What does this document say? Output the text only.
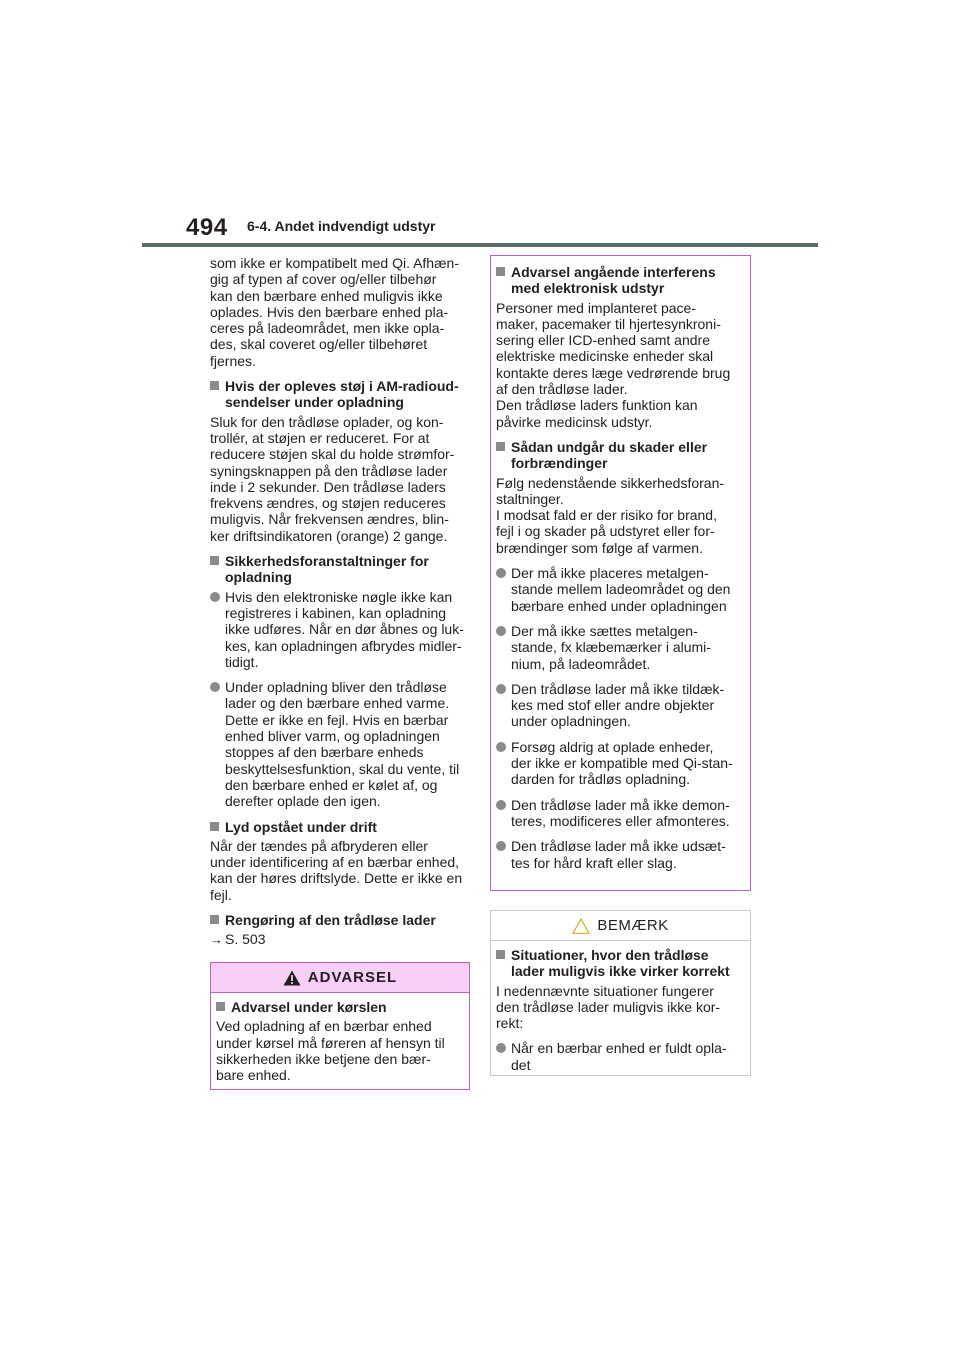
494 6-4. Andet indvendigt udstyr

som ikke er kompatibelt med Qi. Afhæn-
gig af typen af cover og/eller tilbehør
kan den bærbare enhed muligvis ikke
oplades. Hvis den bærbare enhed pla-
ceres på ladeområdet, men ikke opla-
des, skal coveret og/eller tilbehøret
fjernes.

Hvis der opleves støj i AM-radioud-
sendelser under opladning

Sluk for den trådløse oplader, og kon-
trollér, at støjen er reduceret. For at
reducere støjen skal du holde strømfor-
syningsknappen på den trådløse lader
inde i 2 sekunder. Den trådløse laders
frekvens ændres, og støjen reduceres
muligvis. Når frekvensen ændres, blin-
ker driftsindikatoren (orange) 2 gange.

Sikkerhedsforanstaltninger for
opladning
Hvis den elektroniske nøgle ikke kan
registreres i kabinen, kan opladning
ikke udføres. Når en dør åbnes og luk-
kes, kan opladningen afbrydes midler-
tidigt.
Under opladning bliver den trådløse
lader og den bærbare enhed varme.
Dette er ikke en fejl. Hvis en bærbar
enhed bliver varm, og opladningen
stoppes af den bærbare enheds
beskyttelsesfunktion, skal du vente, til
den bærbare enhed er kølet af, og
derefter oplade den igen.
Lyd opstået under drift

Når der tændes på afbryderen eller
under identificering af en bærbar enhed,
kan der høres driftslyde. Dette er ikke en
fejl.

Rengøring af den trådløse lader
→ S. 503
ADVARSEL
Advarsel under kørslen

Ved opladning af en bærbar enhed
under kørsel må føreren af hensyn til
sikkerheden ikke betjene den bær-
bare enhed.

Advarsel angående interferens
med elektronisk udstyr

Personer med implanteret pace-
maker, pacemaker til hjertesynkroni-
sering eller ICD-enhed samt andre
elektriske medicinske enheder skal
kontakte deres læge vedrørende brug
af den trådløse lader.
Den trådløse laders funktion kan
påvirke medicinsk udstyr.

Sådan undgår du skader eller
forbrændinger

Følg nedenstående sikkerhedsforan-
staltninger.
I modsat fald er der risiko for brand,
fejl i og skader på udstyret eller for-
brændinger som følge af varmen.

Der må ikke placeres metalgen-
stande mellem ladeområdet og den
bærbare enhed under opladningen
Der må ikke sættes metalgen-
stande, fx klæbemærker i alumi-
nium, på ladeområdet.
Den trådløse lader må ikke tildæk-
kes med stof eller andre objekter
under opladningen.
Forsøg aldrig at oplade enheder,
der ikke er kompatible med Qi-stan-
darden for trådløs opladning.
Den trådløse lader må ikke demon-
teres, modificeres eller afmonteres.
Den trådløse lader må ikke udsæt-
tes for hård kraft eller slag.
BEMÆRK
Situationer, hvor den trådløse
lader muligvis ikke virker korrekt

I nedennævnte situationer fungerer
den trådløse lader muligvis ikke kor-
rekt:

Når en bærbar enhed er fuldt opla-
det
